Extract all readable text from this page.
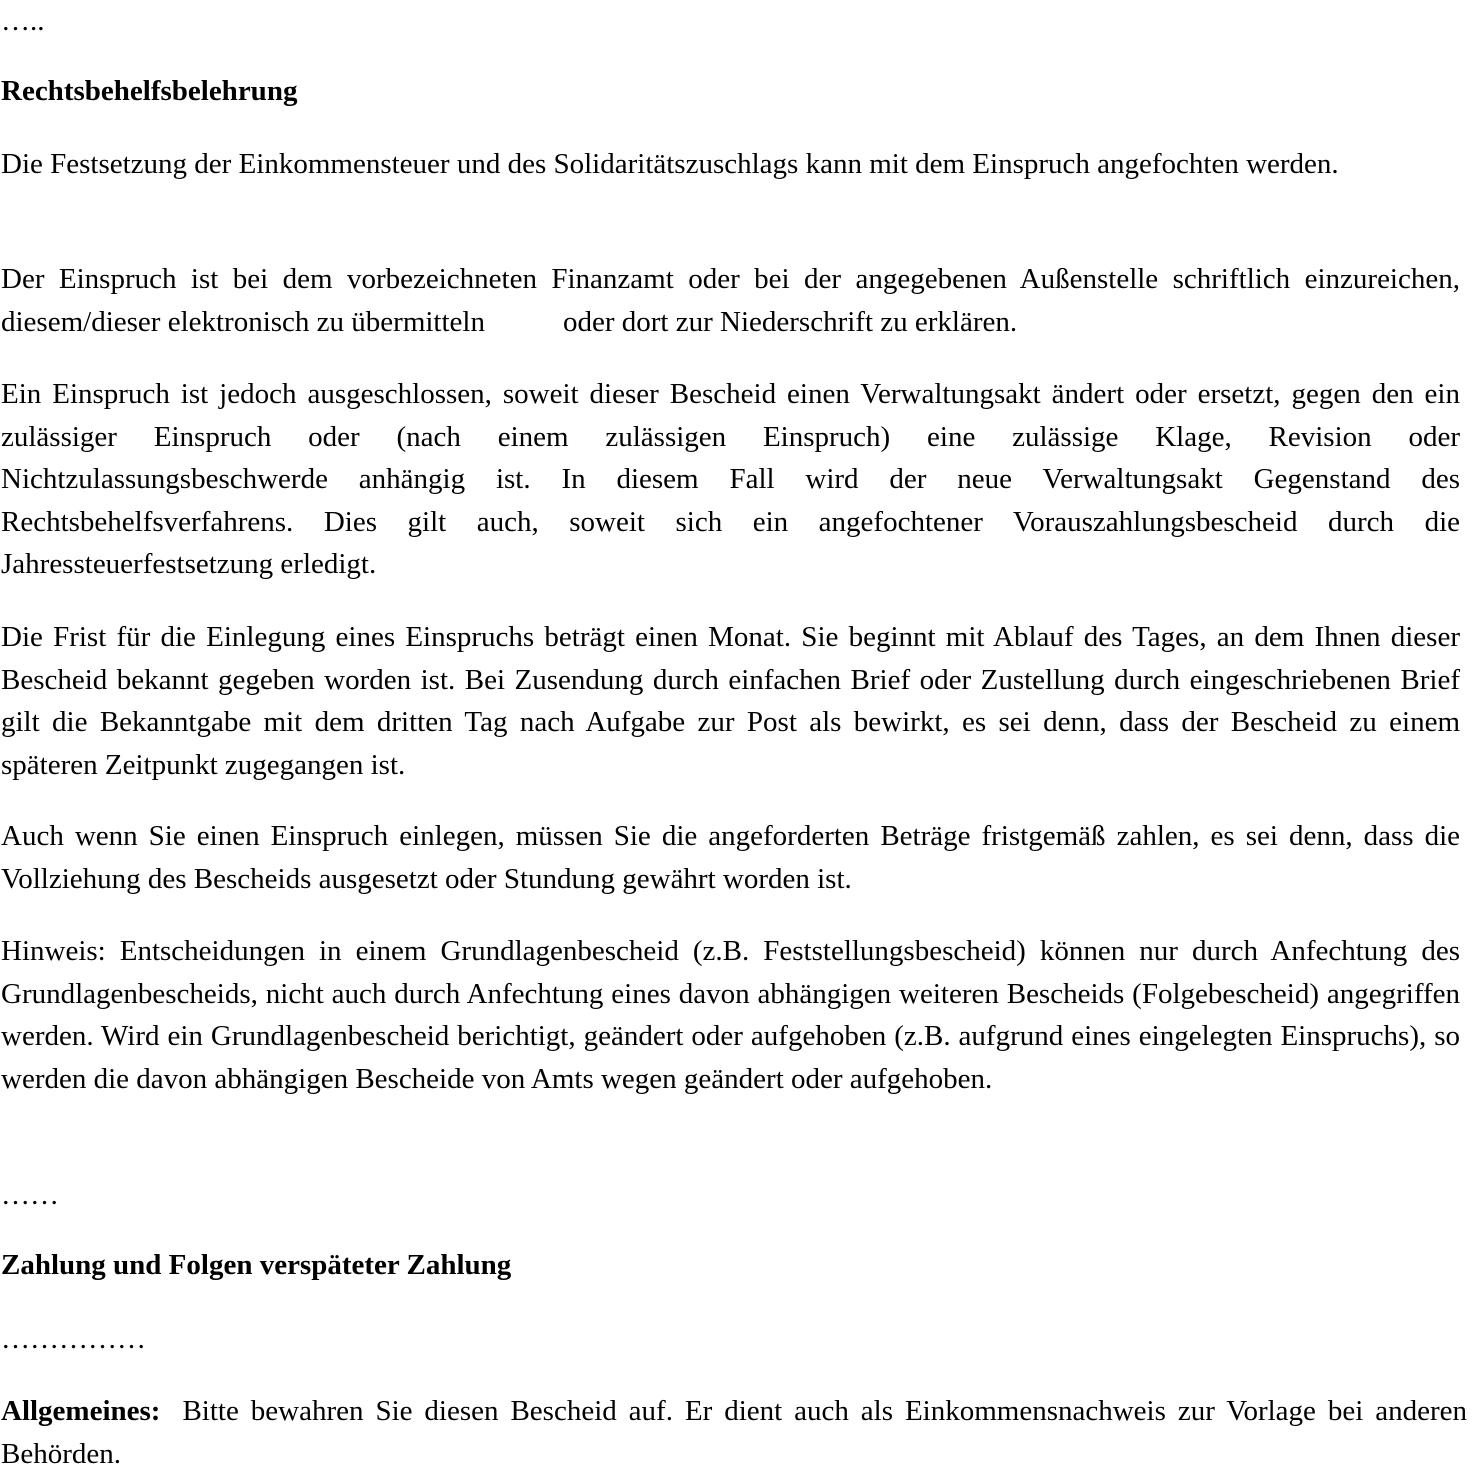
…..

Rechtsbehelfsbelehrung

Die Festsetzung der Einkommensteuer und des Solidaritätszuschlags kann mit dem Einspruch angefochten werden.

Der Einspruch ist bei dem vorbezeichneten Finanzamt oder bei der angegebenen Außenstelle schriftlich einzureichen, diesem/dieser elektronisch zu übermitteln	oder dort zur Niederschrift zu erklären.

Ein Einspruch ist jedoch ausgeschlossen, soweit dieser Bescheid einen Verwaltungsakt ändert oder ersetzt, gegen den ein zulässiger Einspruch oder (nach einem zulässigen Einspruch) eine zulässige Klage, Revision oder Nichtzulassungsbeschwerde anhängig ist. In diesem Fall wird der neue Verwaltungsakt Gegenstand des Rechtsbehelfsverfahrens. Dies gilt auch, soweit sich ein angefochtener Vorauszahlungsbescheid durch die Jahressteuerfestsetzung erledigt.

Die Frist für die Einlegung eines Einspruchs beträgt einen Monat. Sie beginnt mit Ablauf des Tages, an dem Ihnen dieser Bescheid bekannt gegeben worden ist. Bei Zusendung durch einfachen Brief oder Zustellung durch eingeschriebenen Brief gilt die Bekanntgabe mit dem dritten Tag nach Aufgabe zur Post als bewirkt, es sei denn, dass der Bescheid zu einem späteren Zeitpunkt zugegangen ist.

Auch wenn Sie einen Einspruch einlegen, müssen Sie die angeforderten Beträge fristgemäß zahlen, es sei denn, dass die Vollziehung des Bescheids ausgesetzt oder Stundung gewährt worden ist.

Hinweis: Entscheidungen in einem Grundlagenbescheid (z.B. Feststellungsbescheid) können nur durch Anfechtung des Grundlagenbescheids, nicht auch durch Anfechtung eines davon abhängigen weiteren Bescheids (Folgebescheid) angegriffen werden. Wird ein Grundlagenbescheid berichtigt, geändert oder aufgehoben (z.B. aufgrund eines eingelegten Einspruchs), so werden die davon abhängigen Bescheide von Amts wegen geändert oder aufgehoben.

……

Zahlung und Folgen verspäteter Zahlung

……………

Allgemeines: Bitte bewahren Sie diesen Bescheid auf. Er dient auch als Einkommensnachweis zur Vorlage bei anderen Behörden.
